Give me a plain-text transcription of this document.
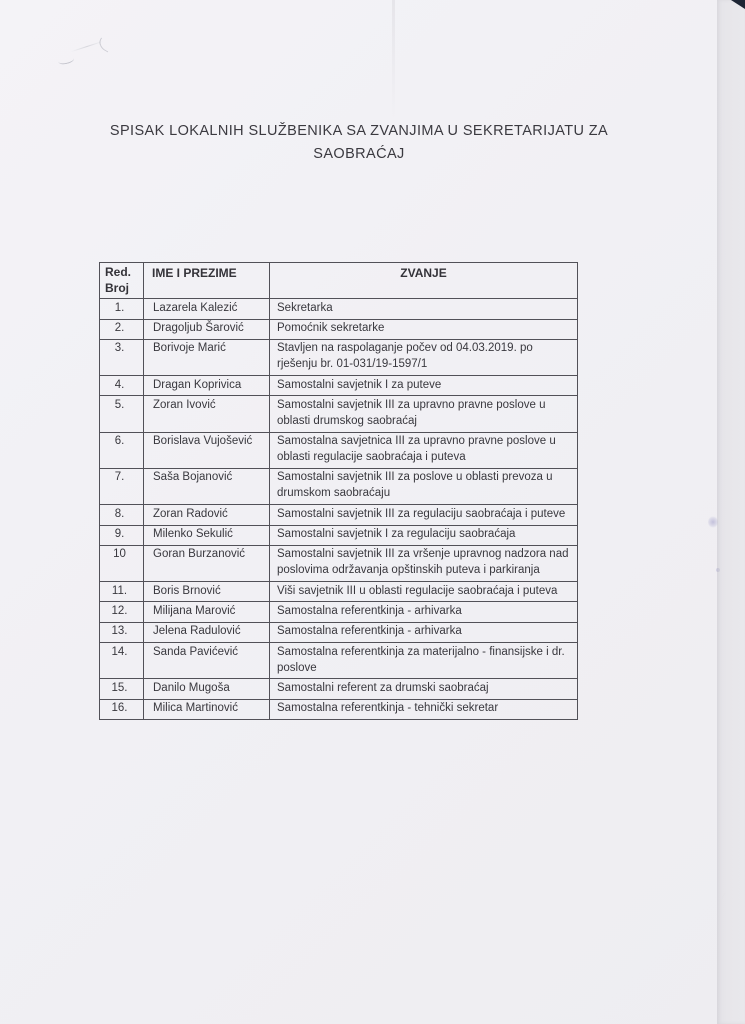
SPISAK LOKALNIH SLUŽBENIKA SA ZVANJIMA U SEKRETARIJATU ZA
SAOBRAĆAJ
Red.
Broj	IME I PREZIME	ZVANJE
1.	Lazarela Kalezić	Sekretarka
2.	Dragoljub Šarović	Pomoćnik sekretarke
3.	Borivoje Marić	Stavljen na raspolaganje počev od 04.03.2019. po rješenju br. 01-031/19-1597/1
4.	Dragan Koprivica	Samostalni savjetnik I za puteve
5.	Zoran Ivović	Samostalni savjetnik III za upravno pravne poslove u oblasti drumskog saobraćaj
6.	Borislava Vujošević	Samostalna savjetnica III za upravno pravne poslove u oblasti regulacije saobraćaja i puteva
7.	Saša Bojanović	Samostalni savjetnik III za poslove u oblasti prevoza u drumskom saobraćaju
8.	Zoran Radović	Samostalni savjetnik III za regulaciju saobraćaja i puteve
9.	Milenko Sekulić	Samostalni savjetnik I za regulaciju saobraćaja
10	Goran Burzanović	Samostalni savjetnik III za vršenje upravnog nadzora nad poslovima održavanja opštinskih puteva i parkiranja
11.	Boris Brnović	Viši savjetnik III u oblasti regulacije saobraćaja i puteva
12.	Milijana Marović	Samostalna referentkinja - arhivarka
13.	Jelena Radulović	Samostalna referentkinja - arhivarka
14.	Sanda Pavićević	Samostalna referentkinja za materijalno - finansijske i dr. poslove
15.	Danilo Mugoša	Samostalni referent za drumski saobraćaj
16.	Milica Martinović	Samostalna referentkinja - tehnički sekretar
